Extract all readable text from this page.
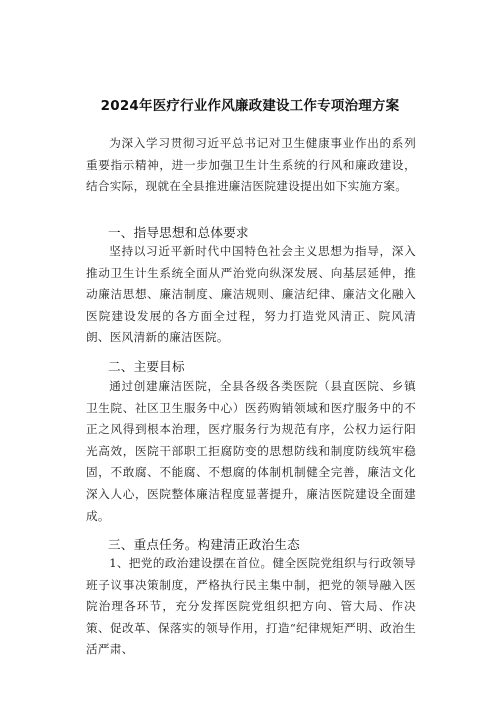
2024年医疗行业作风廉政建设工作专项治理方案

为深入学习贯彻习近平总书记对卫生健康事业作出的系列重要指示精神，进一步加强卫生计生系统的行风和廉政建设，结合实际，现就在全县推进廉洁医院建设提出如下实施方案。

一、指导思想和总体要求

坚持以习近平新时代中国特色社会主义思想为指导，深入推动卫生计生系统全面从严治党向纵深发展、向基层延伸，推动廉洁思想、廉洁制度、廉洁规则、廉洁纪律、廉洁文化融入医院建设发展的各方面全过程，努力打造党风清正、院风清朗、医风清新的廉洁医院。

二、主要目标

通过创建廉洁医院，全县各级各类医院（县直医院、乡镇卫生院、社区卫生服务中心）医药购销领域和医疗服务中的不正之风得到根本治理，医疗服务行为规范有序，公权力运行阳光高效，医院干部职工拒腐防变的思想防线和制度防线筑牢稳固，不敢腐、不能腐、不想腐的体制机制健全完善，廉洁文化深入人心，医院整体廉洁程度显著提升，廉洁医院建设全面建成。

三、重点任务。构建清正政治生态

1、把党的政治建设摆在首位。健全医院党组织与行政领导班子议事决策制度，严格执行民主集中制，把党的领导融入医院治理各环节，充分发挥医院党组织把方向、管大局、作决策、促改革、保落实的领导作用，打造“纪律规矩严明、政治生活严肃、
